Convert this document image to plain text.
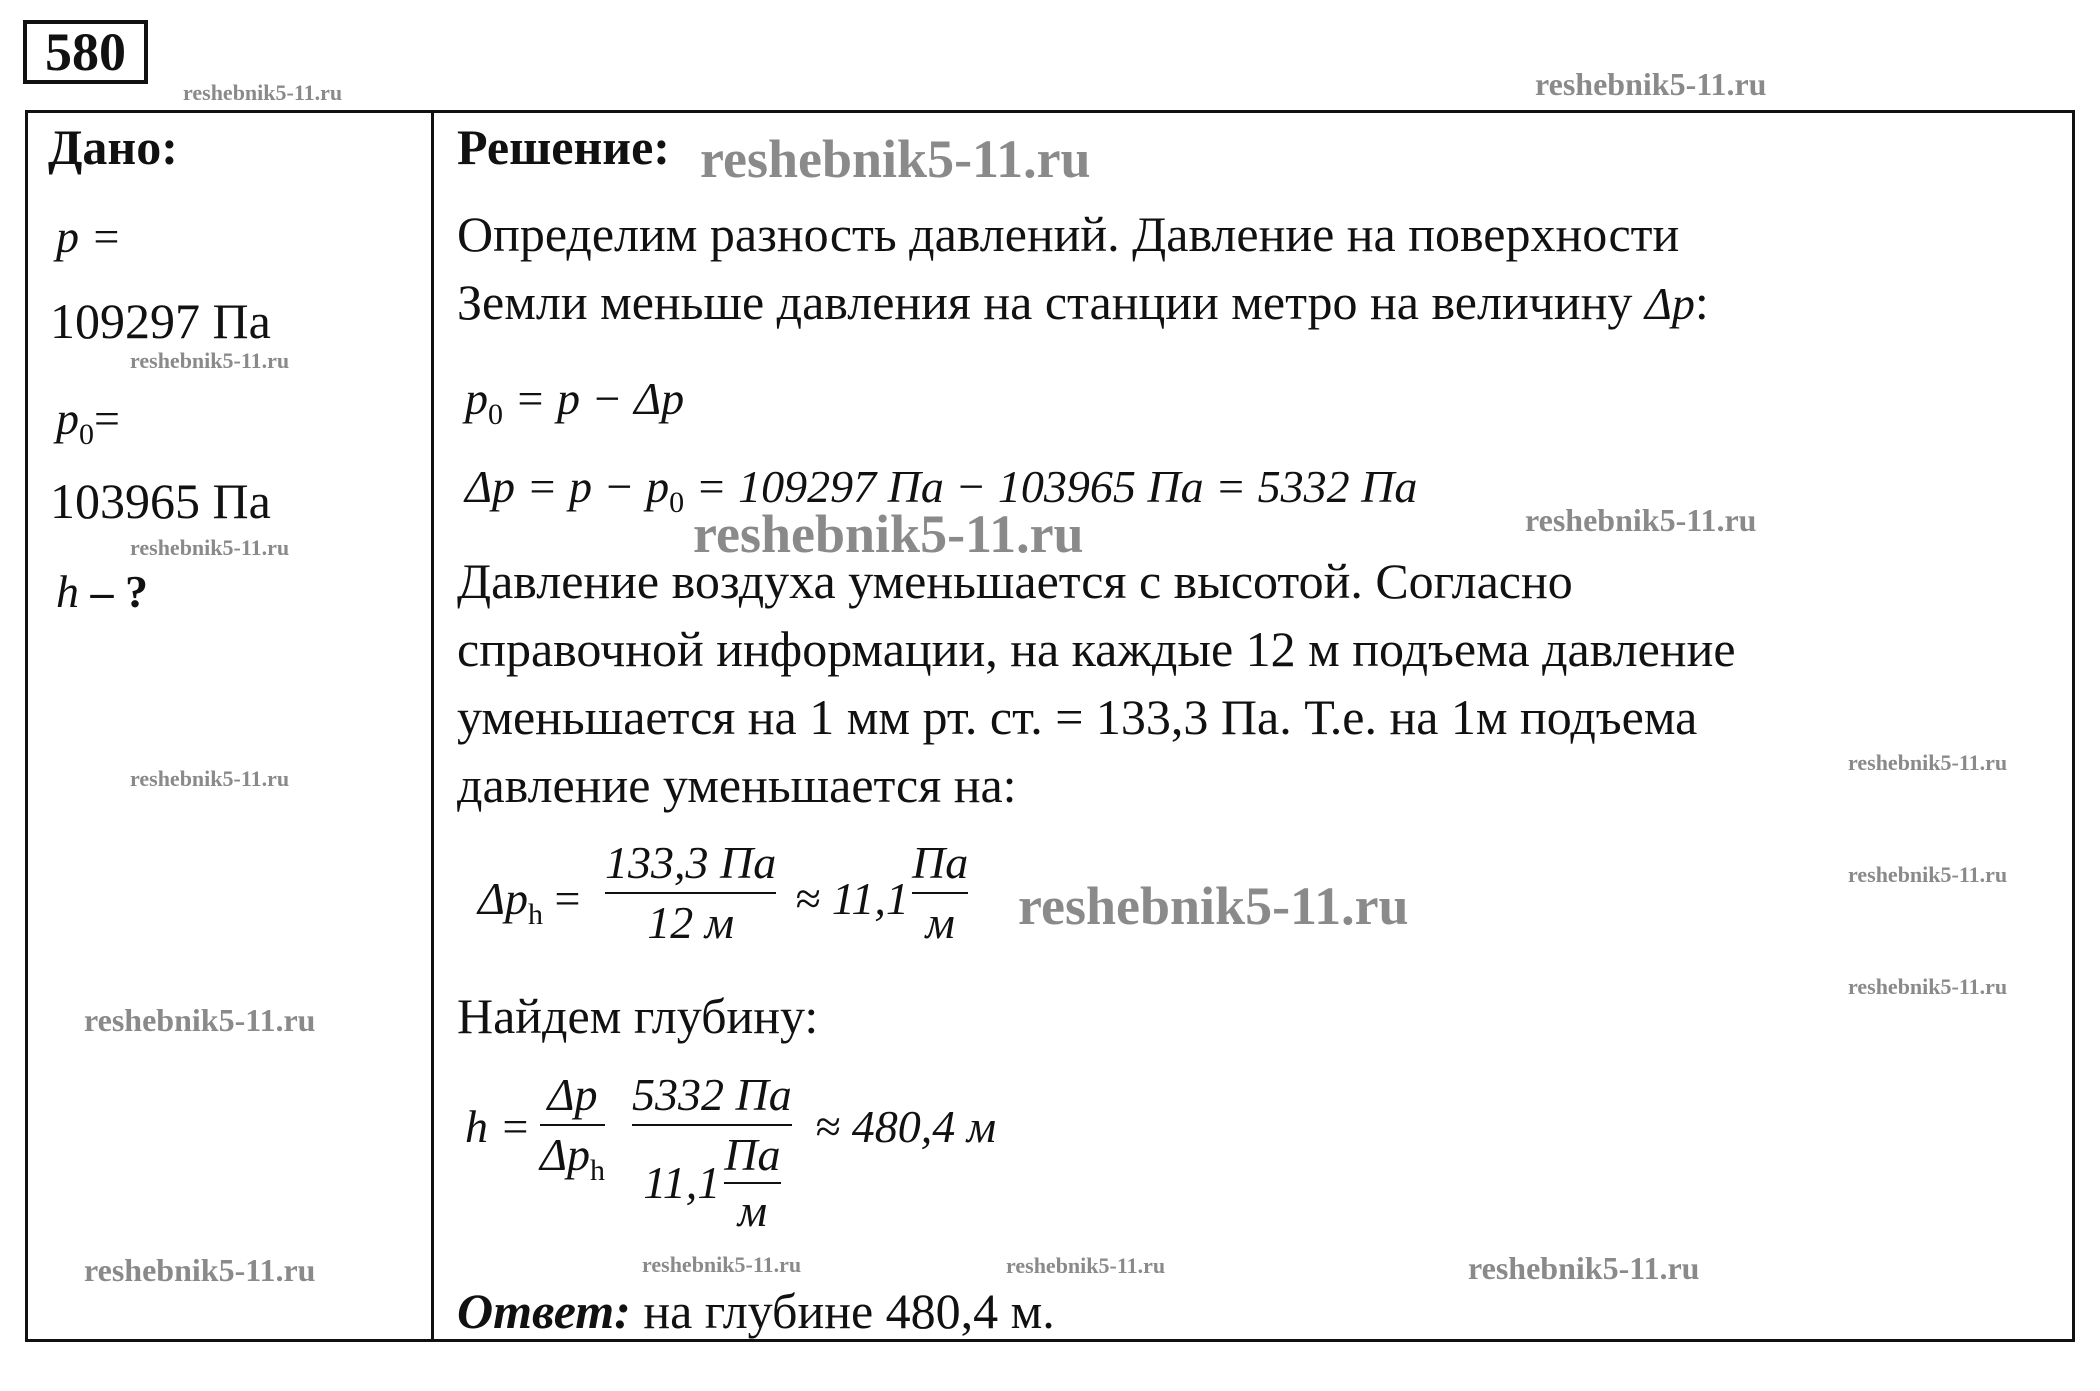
580
Дано:
p =
109297 Па
$p_0=$
103965 Па
h – ?
Решение:
Определим разность давлений. Давление на поверхности
Земли меньше давления на станции метро на величину Δp:
$p_0 = p - \Delta p$
$\Delta p = p - p_0 = 109297$ Па − 103965 Па = 5332 Па
Давление воздуха уменьшается с высотой. Согласно
справочной информации, на каждые 12 м подъема давление
уменьшается на 1 мм рт. ст. = 133,3 Па. Т.е. на 1м подъема
давление уменьшается на:
$\Delta p_h$ =
133,3 Па
12 м ≈ 11,1
Па
м
Найдем глубину:
h =
Δp
$\Delta p_h$
5332 Па
11,1
Па
м
≈ 480,4 м
Ответ: на глубине 480,4 м.
reshebnik5-11.ru	reshebnik5-11.ru
reshebnik5-11.ru
reshebnik5-11.ru
reshebnik5-11.ru	reshebnik5-11.ru	reshebnik5-11.ru
reshebnik5-11.ru
reshebnik5-11.ru
reshebnik5-11.ru
reshebnik5-11.ru
reshebnik5-11.ru
reshebnik5-11.ru
reshebnik5-11.ru	reshebnik5-11.ru	reshebnik5-11.ru
reshebnik5-11.ru
